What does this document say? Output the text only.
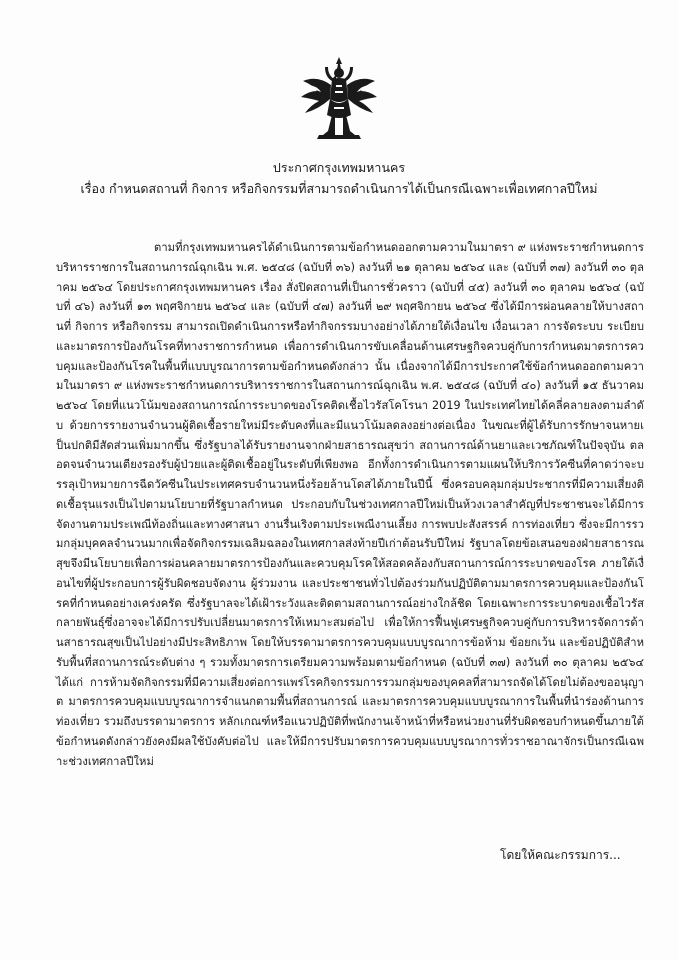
ประกาศกรุงเทพมหานคร
เรื่อง กำหนดสถานที่ กิจการ หรือกิจกรรมที่สามารถดำเนินการได้เป็นกรณีเฉพาะเพื่อเทศกาลปีใหม่
ตามที่กรุงเทพมหานครได้ดำเนินการตามข้อกำหนดออกตามความในมาตรา ๙ แห่งพระราชกำหนดการบริหารราชการในสถานการณ์ฉุกเฉิน พ.ศ. ๒๕๔๘ (ฉบับที่ ๓๖) ลงวันที่ ๒๑ ตุลาคม ๒๕๖๔ และ (ฉบับที่ ๓๗) ลงวันที่ ๓๐ ตุลาคม ๒๕๖๔ โดยประกาศกรุงเทพมหานคร เรื่อง สั่งปิดสถานที่เป็นการชั่วคราว (ฉบับที่ ๔๕) ลงวันที่ ๓๐ ตุลาคม ๒๕๖๔ (ฉบับที่ ๔๖) ลงวันที่ ๑๓ พฤศจิกายน ๒๕๖๔ และ (ฉบับที่ ๔๗) ลงวันที่ ๒๙ พฤศจิกายน ๒๕๖๔ ซึ่งได้มีการผ่อนคลายให้บางสถานที่ กิจการ หรือกิจกรรม สามารถเปิดดำเนินการหรือทำกิจกรรมบางอย่างได้ภายใต้เงื่อนไข เงื่อนเวลา การจัดระบบ ระเบียบ และมาตรการป้องกันโรคที่ทางราชการกำหนด เพื่อการดำเนินการขับเคลื่อนด้านเศรษฐกิจควบคู่กับการกำหนดมาตรการควบคุมและป้องกันโรคในพื้นที่แบบบูรณาการตามข้อกำหนดดังกล่าว นั้น เนื่องจากได้มีการประกาศใช้ข้อกำหนดออกตามความในมาตรา ๙ แห่งพระราชกำหนดการบริหารราชการในสถานการณ์ฉุกเฉิน พ.ศ. ๒๕๔๘ (ฉบับที่ ๔๐) ลงวันที่ ๑๕ ธันวาคม ๒๕๖๔ โดยที่แนวโน้มของสถานการณ์การระบาดของโรคติดเชื้อไวรัสโคโรนา 2019 ในประเทศไทยได้คลี่คลายลงตามลำดับ ด้วยการรายงานจำนวนผู้ติดเชื้อรายใหม่มีระดับคงที่และมีแนวโน้มลดลงอย่างต่อเนื่อง ในขณะที่ผู้ได้รับการรักษาจนหายเป็นปกติมีสัดส่วนเพิ่มมากขึ้น ซึ่งรัฐบาลได้รับรายงานจากฝ่ายสาธารณสุขว่า สถานการณ์ด้านยาและเวชภัณฑ์ในปัจจุบัน ตลอดจนจำนวนเตียงรองรับผู้ป่วยและผู้ติดเชื้ออยู่ในระดับที่เพียงพอ อีกทั้งการดำเนินการตามแผนให้บริการวัคซีนที่คาดว่าจะบรรลุเป้าหมายการฉีดวัคซีนในประเทศครบจำนวนหนึ่งร้อยล้านโดสได้ภายในปีนี้ ซึ่งครอบคลุมกลุ่มประชากรที่มีความเสี่ยงติดเชื้อรุนแรงเป็นไปตามนโยบายที่รัฐบาลกำหนด ประกอบกับในช่วงเทศกาลปีใหม่เป็นห้วงเวลาสำคัญที่ประชาชนจะได้มีการจัดงานตามประเพณีท้องถิ่นและทางศาสนา งานรื่นเริงตามประเพณีงานเลี้ยง การพบปะสังสรรค์ การท่องเที่ยว ซึ่งจะมีการรวมกลุ่มบุคคลจำนวนมากเพื่อจัดกิจกรรมเฉลิมฉลองในเทศกาลส่งท้ายปีเก่าต้อนรับปีใหม่ รัฐบาลโดยข้อเสนอของฝ่ายสาธารณสุขจึงมีนโยบายเพื่อการผ่อนคลายมาตรการป้องกันและควบคุมโรคให้สอดคล้องกับสถานการณ์การระบาดของโรค ภายใต้เงื่อนไขที่ผู้ประกอบการผู้รับผิดชอบจัดงาน ผู้ร่วมงาน และประชาชนทั่วไปต้องร่วมกันปฏิบัติตามมาตรการควบคุมและป้องกันโรคที่กำหนดอย่างเคร่งครัด ซึ่งรัฐบาลจะได้เฝ้าระวังและติดตามสถานการณ์อย่างใกล้ชิด โดยเฉพาะการระบาดของเชื้อไวรัสกลายพันธุ์ซึ่งอาจจะได้มีการปรับเปลี่ยนมาตรการให้เหมาะสมต่อไป เพื่อให้การฟื้นฟูเศรษฐกิจควบคู่กับการบริหารจัดการด้านสาธารณสุขเป็นไปอย่างมีประสิทธิภาพ โดยให้บรรดามาตรการควบคุมแบบบูรณาการข้อห้าม ข้อยกเว้น และข้อปฏิบัติสำหรับพื้นที่สถานการณ์ระดับต่าง ๆ รวมทั้งมาตรการเตรียมความพร้อมตามข้อกำหนด (ฉบับที่ ๓๗) ลงวันที่ ๓๐ ตุลาคม ๒๕๖๔ ได้แก่ การห้ามจัดกิจกรรมที่มีความเสี่ยงต่อการแพร่โรคกิจกรรมการรวมกลุ่มของบุคคลที่สามารถจัดได้โดยไม่ต้องขออนุญาต มาตรการควบคุมแบบบูรณาการจำแนกตามพื้นที่สถานการณ์ และมาตรการควบคุมแบบบูรณาการในพื้นที่นำร่องด้านการท่องเที่ยว รวมถึงบรรดามาตรการ หลักเกณฑ์หรือแนวปฏิบัติที่พนักงานเจ้าหน้าที่หรือหน่วยงานที่รับผิดชอบกำหนดขึ้นภายใต้ข้อกำหนดดังกล่าวยังคงมีผลใช้บังคับต่อไป และให้มีการปรับมาตรการควบคุมแบบบูรณาการทั่วราชอาณาจักรเป็นกรณีเฉพาะช่วงเทศกาลปีใหม่
โดยให้คณะกรรมการ...
